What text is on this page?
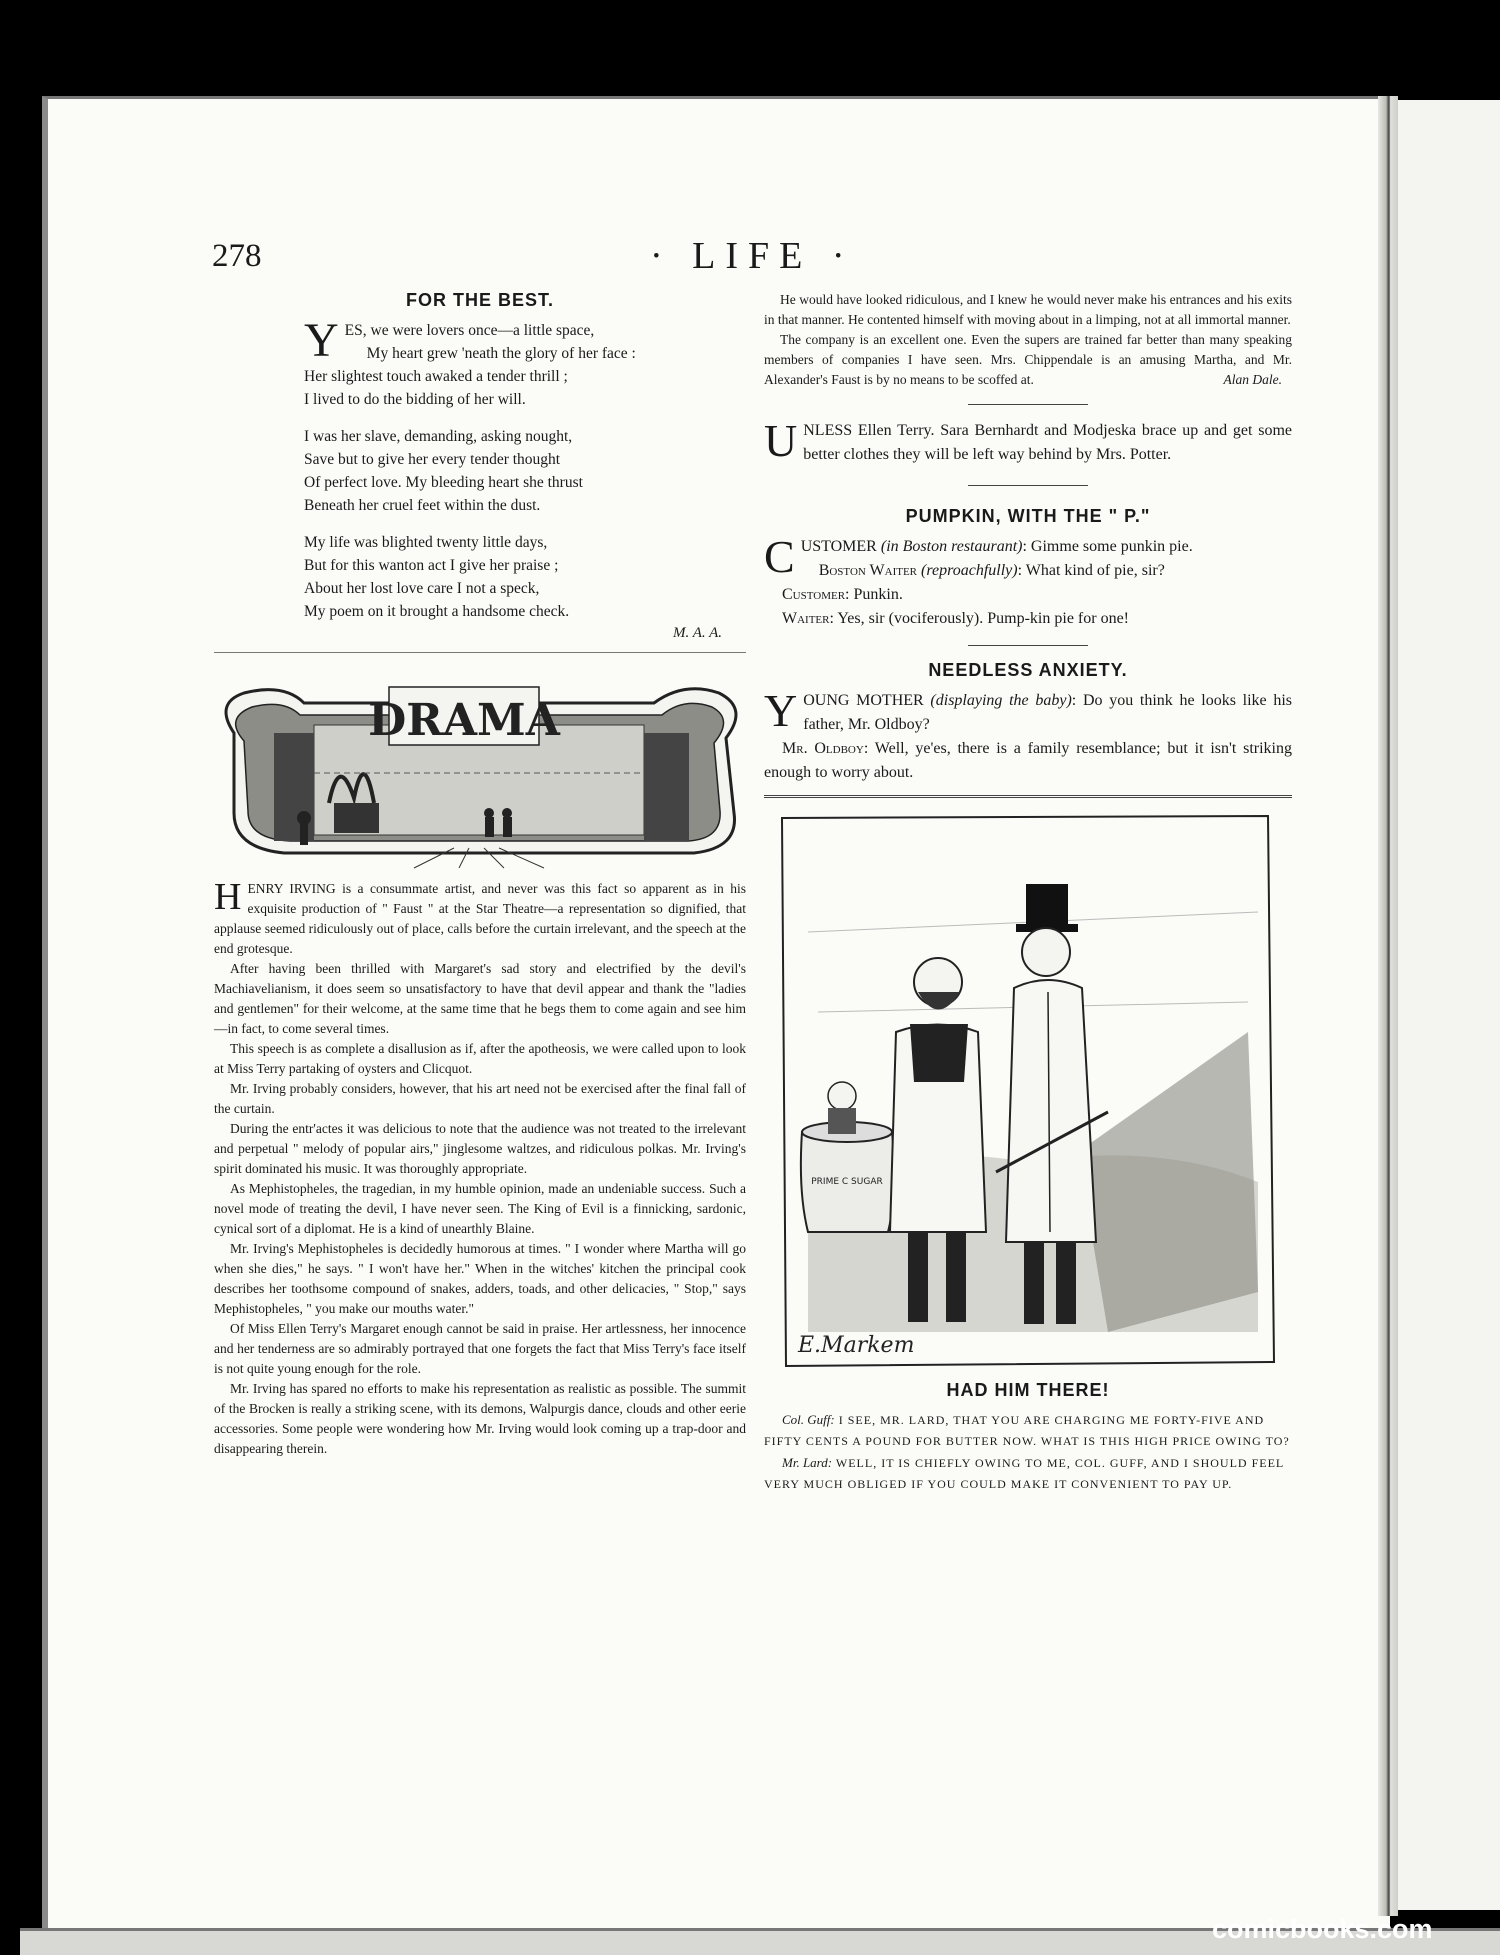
278	· LIFE ·
FOR THE BEST.

Y ES, we were lovers once—a little space,
My heart grew 'neath the glory of her face :
Her slightest touch awaked a tender thrill ;
I lived to do the bidding of her will.

I was her slave, demanding, asking nought,
Save but to give her every tender thought
Of perfect love. My bleeding heart she thrust
Beneath her cruel feet within the dust.

My life was blighted twenty little days,
But for this wanton act I give her praise ;
About her lost love care I not a speck,
My poem on it brought a handsome check.

M. A. A.
DRAMA

HENRY IRVING is a consummate artist, and never was this fact so apparent as in his exquisite production of " Faust " at the Star Theatre—a representation so dignified, that applause seemed ridiculously out of place, calls before the curtain irrelevant, and the speech at the end grotesque.

After having been thrilled with Margaret's sad story and electrified by the devil's Machiavelianism, it does seem so unsatisfactory to have that devil appear and thank the "ladies and gentlemen" for their welcome, at the same time that he begs them to come again and see him—in fact, to come several times.

This speech is as complete a disallusion as if, after the apotheosis, we were called upon to look at Miss Terry partaking of oysters and Clicquot.

Mr. Irving probably considers, however, that his art need not be exercised after the final fall of the curtain.

During the entr'actes it was delicious to note that the audience was not treated to the irrelevant and perpetual " melody of popular airs," jinglesome waltzes, and ridiculous polkas. Mr. Irving's spirit dominated his music. It was thoroughly appropriate.

As Mephistopheles, the tragedian, in my humble opinion, made an undeniable success. Such a novel mode of treating the devil, I have never seen. The King of Evil is a finnicking, sardonic, cynical sort of a diplomat. He is a kind of unearthly Blaine.

Mr. Irving's Mephistopheles is decidedly humorous at times. " I wonder where Martha will go when she dies," he says. " I won't have her." When in the witches' kitchen the principal cook describes her toothsome compound of snakes, adders, toads, and other delicacies, " Stop," says Mephistopheles, " you make our mouths water."

Of Miss Ellen Terry's Margaret enough cannot be said in praise. Her artlessness, her innocence and her tenderness are so admirably portrayed that one forgets the fact that Miss Terry's face itself is not quite young enough for the role.

Mr. Irving has spared no efforts to make his representation as realistic as possible. The summit of the Brocken is really a striking scene, with its demons, Walpurgis dance, clouds and other eerie accessories. Some people were wondering how Mr. Irving would look coming up a trap-door and disappearing therein.

He would have looked ridiculous, and I knew he would never make his entrances and his exits in that manner. He contented himself with moving about in a limping, not at all immortal manner.

The company is an excellent one. Even the supers are trained far better than many speaking members of companies I have seen. Mrs. Chippendale is an amusing Martha, and Mr. Alexander's Faust is by no means to be scoffed at.	Alan Dale.

UNLESS Ellen Terry. Sara Bernhardt and Modjeska brace up and get some better clothes they will be left way behind by Mrs. Potter.

PUMPKIN, WITH THE " P."

CUSTOMER (in Boston restaurant): Gimme some punkin pie.

Boston Waiter (reproachfully): What kind of pie, sir?

Customer: Punkin.

Waiter: Yes, sir (vociferously). Pump-kin pie for one!

NEEDLESS ANXIETY.

YOUNG MOTHER (displaying the baby): Do you think he looks like his father, Mr. Oldboy?

Mr. Oldboy: Well, ye'es, there is a family resemblance; but it isn't striking enough to worry about.

PRIME C SUGAR
E.Markem
HAD HIM THERE!

Col. Guff: I SEE, MR. LARD, THAT YOU ARE CHARGING ME FORTY-FIVE AND FIFTY CENTS A POUND FOR BUTTER NOW. WHAT IS THIS HIGH PRICE OWING TO?

Mr. Lard: WELL, IT IS CHIEFLY OWING TO ME, COL. GUFF, AND I SHOULD FEEL VERY MUCH OBLIGED IF YOU COULD MAKE IT CONVENIENT TO PAY UP.

comicbooks.com
